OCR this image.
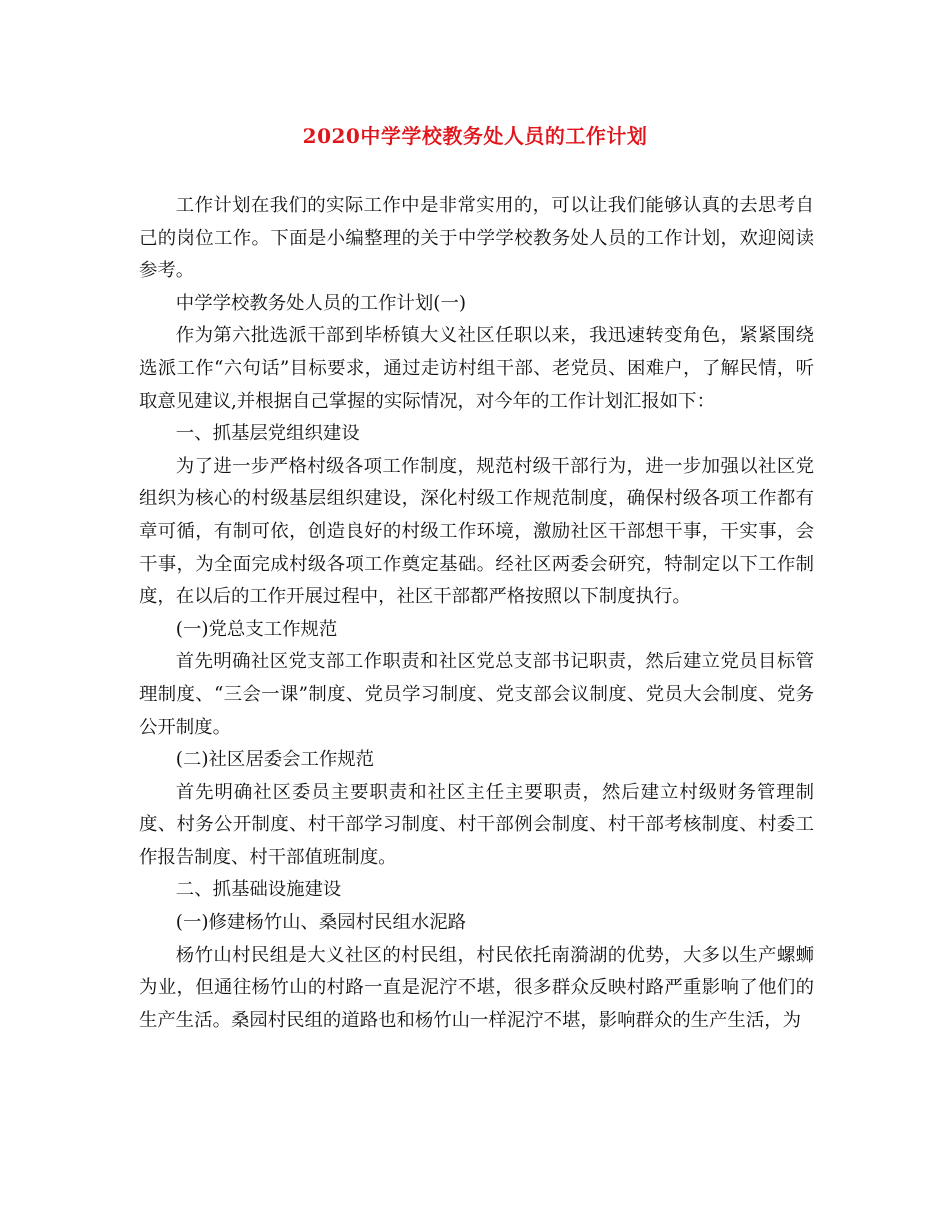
2020中学学校教务处人员的工作计划

工作计划在我们的实际工作中是非常实用的，可以让我们能够认真的去思考自己的岗位工作。下面是小编整理的关于中学学校教务处人员的工作计划，欢迎阅读参考。

中学学校教务处人员的工作计划(一)

作为第六批选派干部到毕桥镇大义社区任职以来，我迅速转变角色，紧紧围绕选派工作“六句话”目标要求，通过走访村组干部、老党员、困难户，了解民情，听取意见建议,并根据自己掌握的实际情况，对今年的工作计划汇报如下：

一、抓基层党组织建设

为了进一步严格村级各项工作制度，规范村级干部行为，进一步加强以社区党组织为核心的村级基层组织建设，深化村级工作规范制度，确保村级各项工作都有章可循，有制可依，创造良好的村级工作环境，激励社区干部想干事，干实事，会干事，为全面完成村级各项工作奠定基础。经社区两委会研究，特制定以下工作制度，在以后的工作开展过程中，社区干部都严格按照以下制度执行。

(一)党总支工作规范

首先明确社区党支部工作职责和社区党总支部书记职责，然后建立党员目标管理制度、“三会一课”制度、党员学习制度、党支部会议制度、党员大会制度、党务公开制度。

(二)社区居委会工作规范

首先明确社区委员主要职责和社区主任主要职责，然后建立村级财务管理制度、村务公开制度、村干部学习制度、村干部例会制度、村干部考核制度、村委工作报告制度、村干部值班制度。

二、抓基础设施建设

(一)修建杨竹山、桑园村民组水泥路

杨竹山村民组是大义社区的村民组，村民依托南漪湖的优势，大多以生产螺蛳为业，但通往杨竹山的村路一直是泥泞不堪，很多群众反映村路严重影响了他们的生产生活。桑园村民组的道路也和杨竹山一样泥泞不堪，影响群众的生产生活，为
